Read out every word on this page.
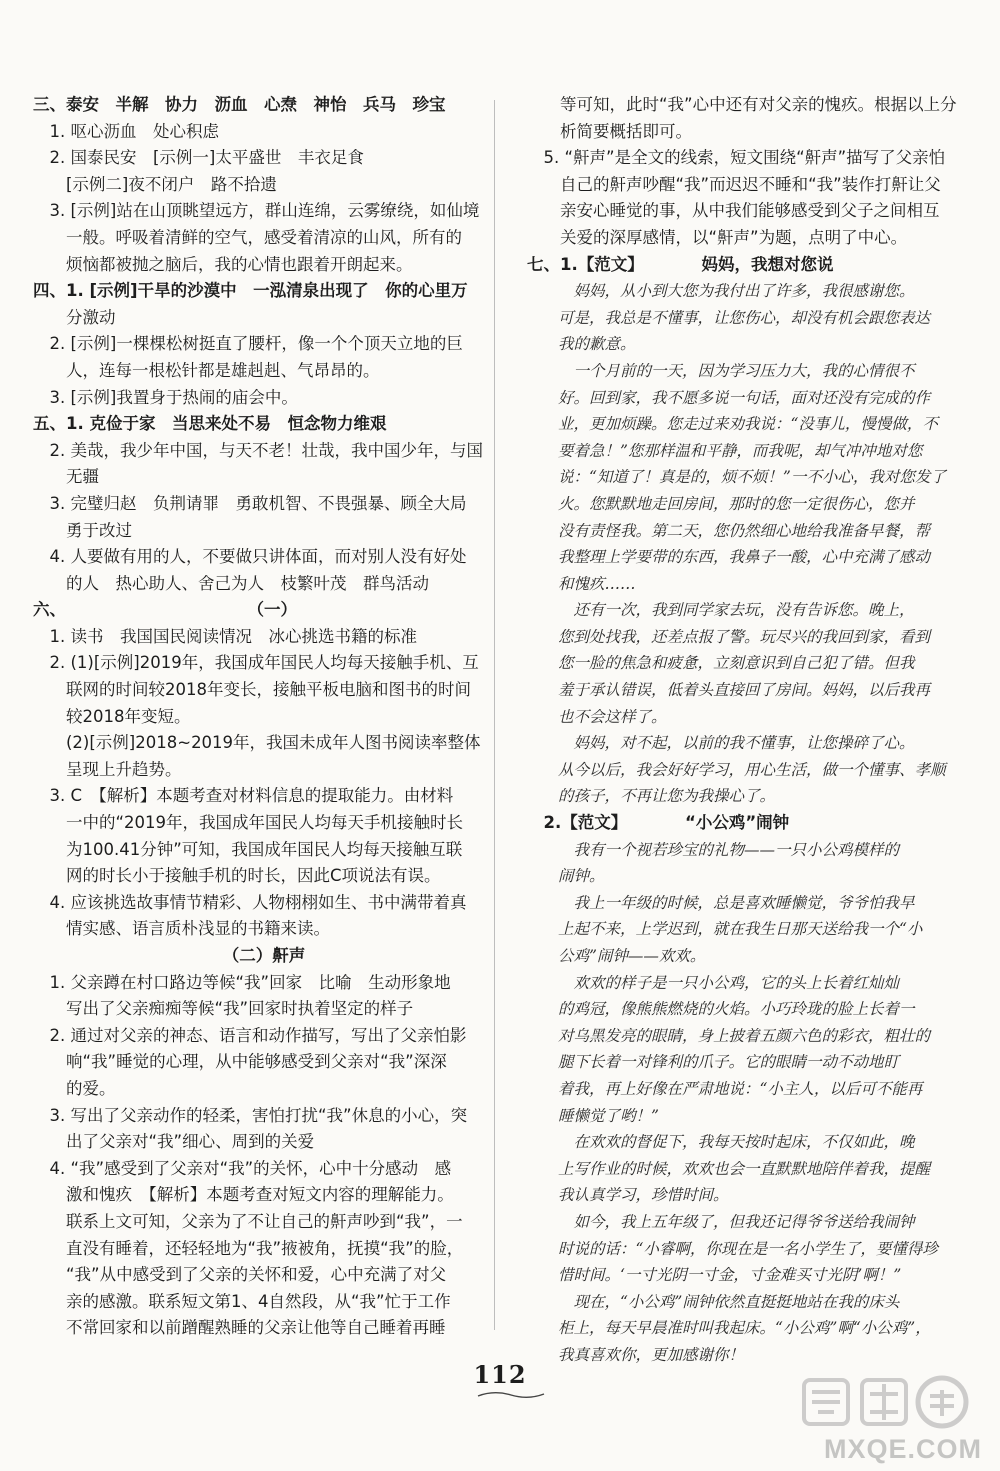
三、泰安　半解　协力　沥血　心焘　神怡　兵马　珍宝
　1. 呕心沥血　处心积虑
　2. 国泰民安　[示例一]太平盛世　丰衣足食
　　[示例二]夜不闭户　路不拾遗
　3. [示例]站在山顶眺望远方，群山连绵，云雾缭绕，如仙境
　　一般。呼吸着清鲜的空气，感受着清凉的山风，所有的
　　烦恼都被抛之脑后，我的心情也跟着开朗起来。
四、1. [示例]干旱的沙漠中　一泓清泉出现了　你的心里万
　　分激动
　2. [示例]一棵棵松树挺直了腰杆，像一个个顶天立地的巨
　　人，连每一根松针都是雄赳赳、气昂昂的。
　3. [示例]我置身于热闹的庙会中。
五、1. 克俭于家　当思来处不易　恒念物力维艰
　2. 美哉，我少年中国，与天不老！壮哉，我中国少年，与国
　　无疆
　3. 完璧归赵　负荆请罪　勇敢机智、不畏强暴、顾全大局
　　勇于改过
　4. 人要做有用的人，不要做只讲体面，而对别人没有好处
　　的人　热心助人、舍己为人　枝繁叶茂　群鸟活动
六、　　　　　　　　　　　　（一）
　1. 读书　我国国民阅读情况　冰心挑选书籍的标准
　2. (1)[示例]2019年，我国成年国民人均每天接触手机、互
　　联网的时间较2018年变长，接触平板电脑和图书的时间
　　较2018年变短。
　　(2)[示例]2018~2019年，我国未成年人图书阅读率整体
　　呈现上升趋势。
　3. C　【解析】本题考查对材料信息的提取能力。由材料
　　一中的“2019年，我国成年国民人均每天手机接触时长
　　为100.41分钟”可知，我国成年国民人均每天接触互联
　　网的时长小于接触手机的时长，因此C项说法有误。
　4. 应该挑选故事情节精彩、人物栩栩如生、书中满带着真
　　情实感、语言质朴浅显的书籍来读。
　　　　　　　　　　　　（二）鼾声
　1. 父亲蹲在村口路边等候“我”回家　比喻　生动形象地
　　写出了父亲痴痴等候“我”回家时执着坚定的样子
　2. 通过对父亲的神态、语言和动作描写，写出了父亲怕影
　　响“我”睡觉的心理，从中能够感受到父亲对“我”深深
　　的爱。
　3. 写出了父亲动作的轻柔，害怕打扰“我”休息的小心，突
　　出了父亲对“我”细心、周到的关爱
　4. “我”感受到了父亲对“我”的关怀，心中十分感动　感
　　激和愧疚　【解析】本题考查对短文内容的理解能力。
　　联系上文可知，父亲为了不让自己的鼾声吵到“我”，一
　　直没有睡着，还轻轻地为“我”掖被角，抚摸“我”的脸，
　　“我”从中感受到了父亲的关怀和爱，心中充满了对父
　　亲的感激。联系短文第1、4自然段，从“我”忙于工作
　　不常回家和以前蹭醒熟睡的父亲让他等自己睡着再睡
　　等可知，此时“我”心中还有对父亲的愧疚。根据以上分
　　析简要概括即可。
　5. “鼾声”是全文的线索，短文围绕“鼾声”描写了父亲怕
　　自己的鼾声吵醒“我”而迟迟不睡和“我”装作打鼾让父
　　亲安心睡觉的事，从中我们能够感受到父子之间相互
　　关爱的深厚感情，以“鼾声”为题，点明了中心。
七、1.【范文】　　　　妈妈，我想对您说
　　　妈妈，从小到大您为我付出了许多，我很感谢您。
　　可是，我总是不懂事，让您伤心，却没有机会跟您表达
　　我的歉意。
　　　一个月前的一天，因为学习压力大，我的心情很不
　　好。回到家，我不愿多说一句话，面对还没有完成的作
　　业，更加烦躁。您走过来劝我说：“没事儿，慢慢做，不
　　要着急！”您那样温和平静，而我呢，却气冲冲地对您
　　说：“知道了！真是的，烦不烦！”一不小心，我对您发了
　　火。您默默地走回房间，那时的您一定很伤心，您并
　　没有责怪我。第二天，您仍然细心地给我准备早餐，帮
　　我整理上学要带的东西，我鼻子一酸，心中充满了感动
　　和愧疚……
　　　还有一次，我到同学家去玩，没有告诉您。晚上，
　　您到处找我，还差点报了警。玩尽兴的我回到家，看到
　　您一脸的焦急和疲惫，立刻意识到自己犯了错。但我
　　羞于承认错误，低着头直接回了房间。妈妈，以后我再
　　也不会这样了。
　　　妈妈，对不起，以前的我不懂事，让您操碎了心。
　　从今以后，我会好好学习，用心生活，做一个懂事、孝顺
　　的孩子，不再让您为我操心了。
　2.【范文】　　　　“小公鸡”闹钟
　　　我有一个视若珍宝的礼物——一只小公鸡模样的
　　闹钟。
　　　我上一年级的时候，总是喜欢睡懒觉，爷爷怕我早
　　上起不来，上学迟到，就在我生日那天送给我一个“小
　　公鸡”闹钟——欢欢。
　　　欢欢的样子是一只小公鸡，它的头上长着红灿灿
　　的鸡冠，像熊熊燃烧的火焰。小巧玲珑的脸上长着一
　　对乌黑发亮的眼睛，身上披着五颜六色的彩衣，粗壮的
　　腿下长着一对锋利的爪子。它的眼睛一动不动地盯
　　着我，再上好像在严肃地说：“小主人，以后可不能再
　　睡懒觉了哟！”
　　　在欢欢的督促下，我每天按时起床，不仅如此，晚
　　上写作业的时候，欢欢也会一直默默地陪伴着我，提醒
　　我认真学习，珍惜时间。
　　　如今，我上五年级了，但我还记得爷爷送给我闹钟
　　时说的话：“小睿啊，你现在是一名小学生了，要懂得珍
　　惜时间。‘一寸光阴一寸金，寸金难买寸光阴’啊！”
　　　现在，“小公鸡”闹钟依然直挺挺地站在我的床头
　　柜上，每天早晨准时叫我起床。“小公鸡”啊“小公鸡”，
　　我真喜欢你，更加感谢你！
112
MXQE.COM
